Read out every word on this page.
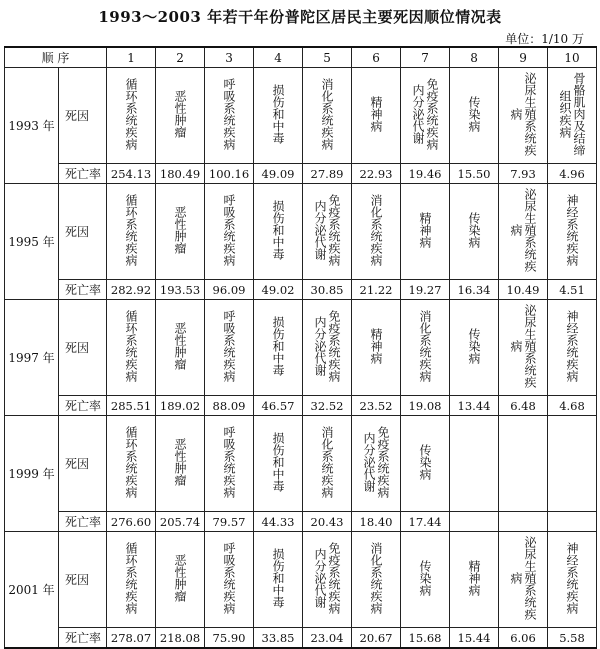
1993～2003 年若干年份普陀区居民主要死因顺位情况表
单位：1/10 万
顺 序		1	2	3	4	5	6	7	8	9	10
1993 年	死因	循环系统疾病	恶性肿瘤	呼吸系统疾病	损伤和中毒	消化系统疾病	精神病	免疫系统疾病 内分泌代谢	传染病	泌尿生殖系统疾病	骨骼肌肉及结缔组织疾病
	死亡率	254.13	180.49	100.16	49.09	27.89	22.93	19.46	15.50	7.93	4.96
1995 年	死因	循环系统疾病	恶性肿瘤	呼吸系统疾病	损伤和中毒	免疫系统疾病 内分泌代谢	消化系统疾病	精神病	传染病	泌尿生殖系统疾病	神经系统疾病
	死亡率	282.92	193.53	96.09	49.02	30.85	21.22	19.27	16.34	10.49	4.51
1997 年	死因	循环系统疾病	恶性肿瘤	呼吸系统疾病	损伤和中毒	免疫系统疾病 内分泌代谢	精神病	消化系统疾病	传染病	泌尿生殖系统疾病	神经系统疾病
	死亡率	285.51	189.02	88.09	46.57	32.52	23.52	19.08	13.44	6.48	4.68
1999 年	死因	循环系统疾病	恶性肿瘤	呼吸系统疾病	损伤和中毒	消化系统疾病	免疫系统疾病 内分泌代谢	传染病			
	死亡率	276.60	205.74	79.57	44.33	20.43	18.40	17.44			
2001 年	死因	循环系统疾病	恶性肿瘤	呼吸系统疾病	损伤和中毒	免疫系统疾病 内分泌代谢	消化系统疾病	传染病	精神病	泌尿生殖系统疾病	神经系统疾病
	死亡率	278.07	218.08	75.90	33.85	23.04	20.67	15.68	15.44	6.06	5.58
